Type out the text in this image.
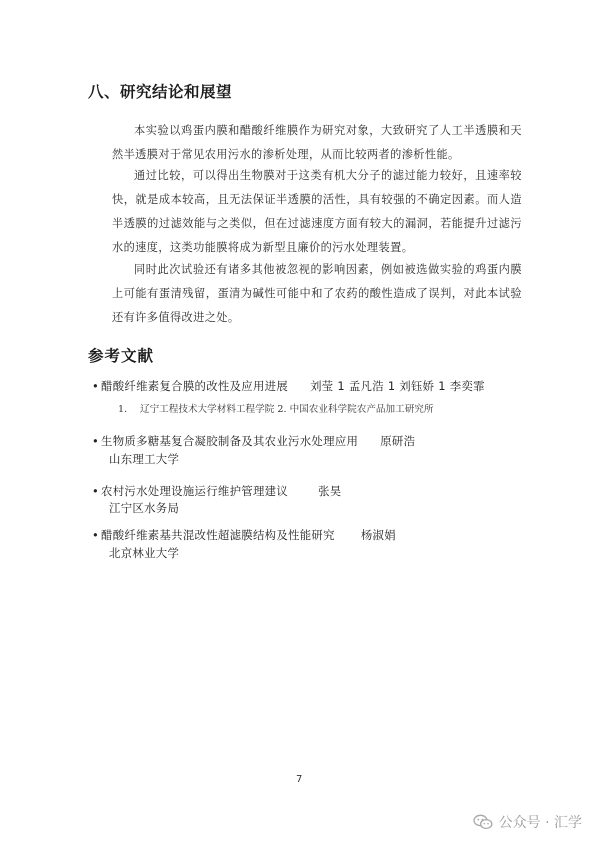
八、研究结论和展望

本实验以鸡蛋内膜和醋酸纤维膜作为研究对象，大致研究了人工半透膜和天然半透膜对于常见农用污水的渗析处理，从而比较两者的渗析性能。

通过比较，可以得出生物膜对于这类有机大分子的滤过能力较好，且速率较快，就是成本较高，且无法保证半透膜的活性，具有较强的不确定因素。而人造半透膜的过滤效能与之类似，但在过滤速度方面有较大的漏洞，若能提升过滤污水的速度，这类功能膜将成为新型且廉价的污水处理装置。

同时此次试验还有诸多其他被忽视的影响因素，例如被选做实验的鸡蛋内膜上可能有蛋清残留，蛋清为碱性可能中和了农药的酸性造成了误判，对此本试验还有许多值得改进之处。

参考文献
• 醋酸纤维素复合膜的改性及应用进展 刘莹 1 孟凡浩 1 刘钰娇 1 李奕霏
1. 辽宁工程技术大学材料工程学院 2. 中国农业科学院农产品加工研究所
• 生物质多糖基复合凝胶制备及其农业污水处理应用 原研浩
山东理工大学
• 农村污水处理设施运行维护管理建议	张昊
江宁区水务局
• 醋酸纤维素基共混改性超滤膜结构及性能研究 杨淑娟
北京林业大学
7
公众号 · 汇学
